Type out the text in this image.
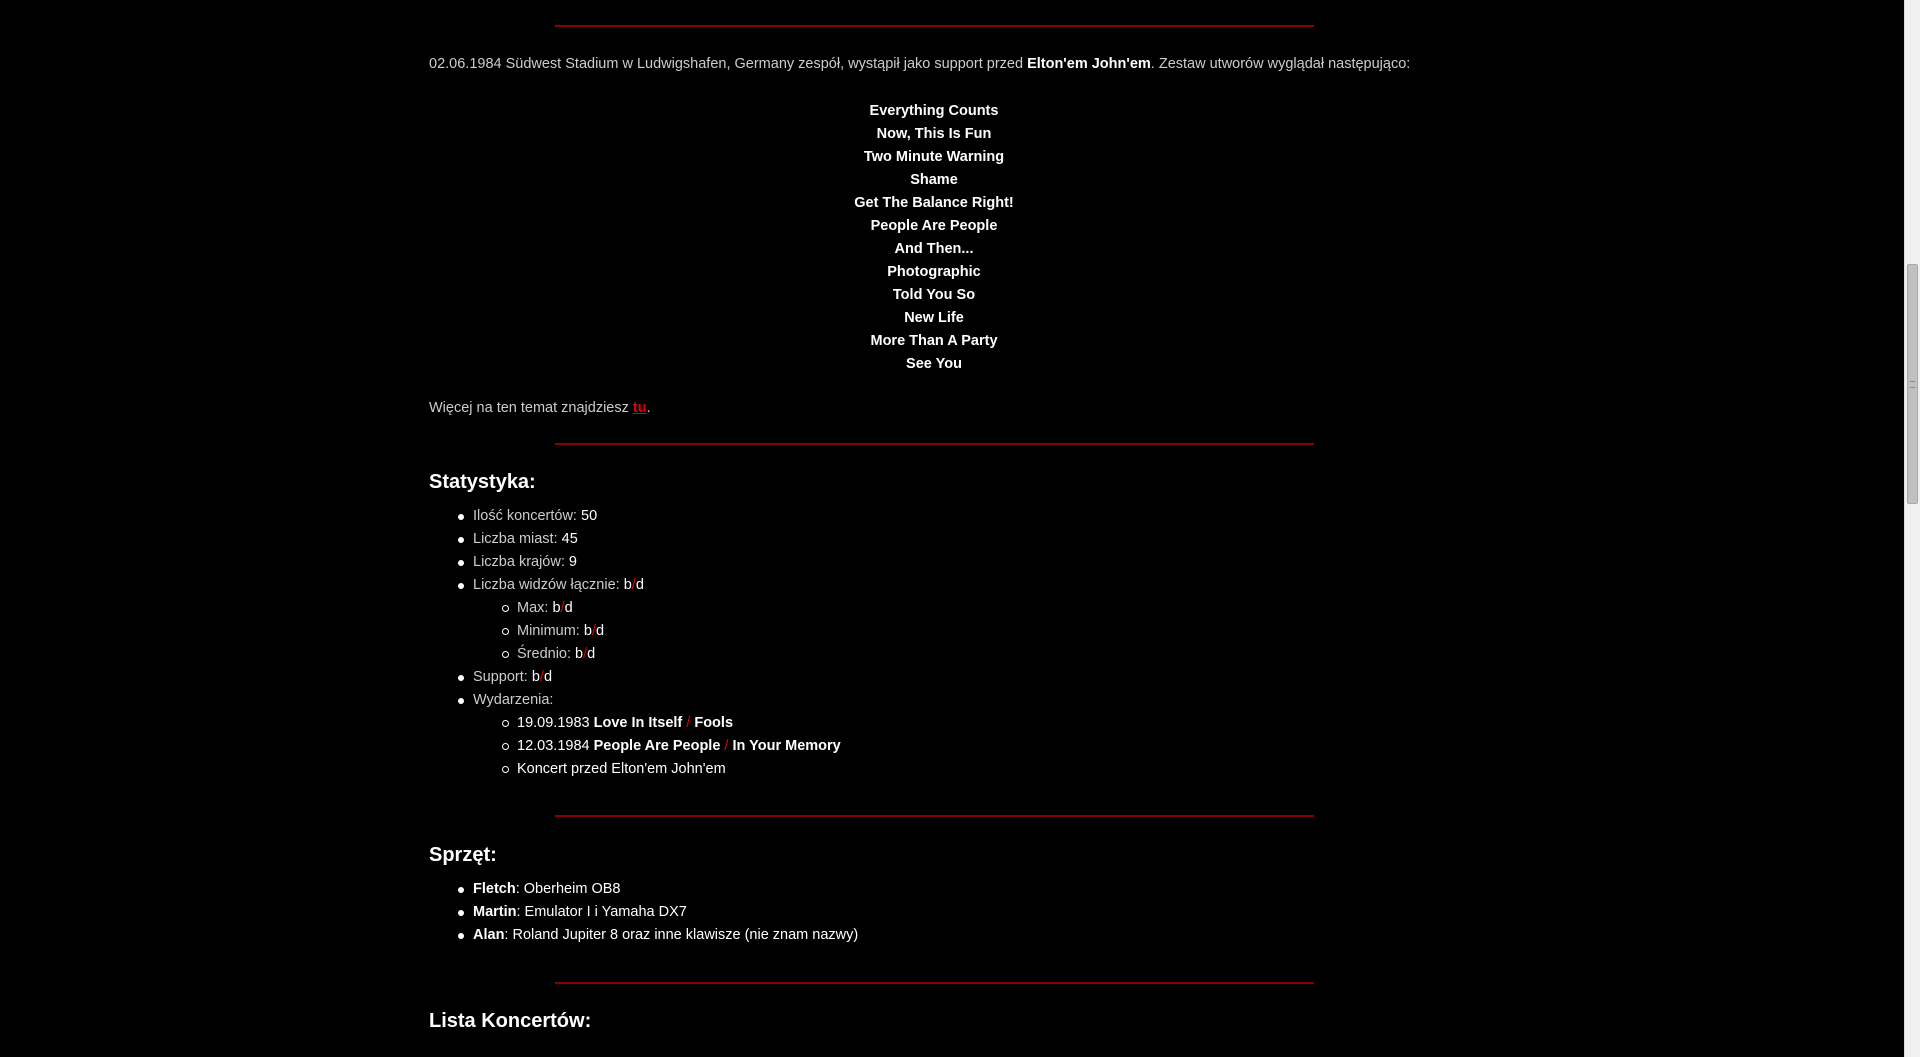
02.06.1984 Südwest Stadium w Ludwigshafen, Germany zespół, wystąpił jako support przed Elton'em John'em. Zestaw utworów wyglądał następująco:
Everything Counts
Now, This Is Fun
Two Minute Warning
Shame
Get The Balance Right!
People Are People
And Then...
Photographic
Told You So
New Life
More Than A Party
See You
Więcej na ten temat znajdziesz tu.
Statystyka:
Ilość koncertów: 50
Liczba miast: 45
Liczba krajów: 9
Liczba widzów łącznie: b/d
Max: b/d
Minimum: b/d
Średnio: b/d
Support: b/d
Wydarzenia:
19.09.1983 Love In Itself / Fools
12.03.1984 People Are People / In Your Memory
Koncert przed Elton'em John'em
Sprzęt:
Fletch: Oberheim OB8
Martin: Emulator I i Yamaha DX7
Alan: Roland Jupiter 8 oraz inne klawisze (nie znam nazwy)
Lista Koncertów:
